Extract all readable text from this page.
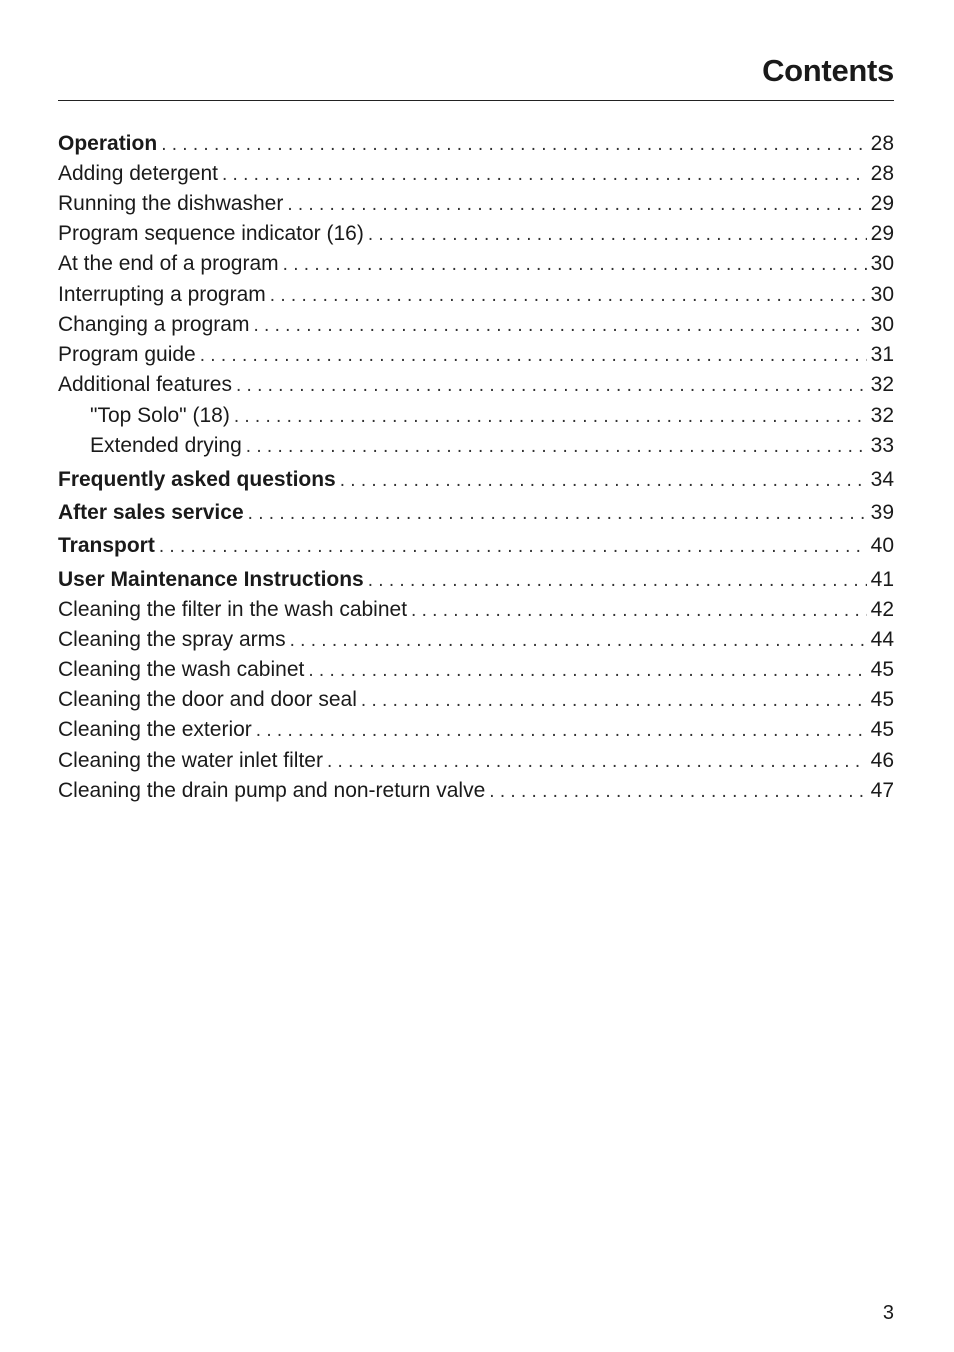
Contents
Operation . . .	28
Adding detergent . . .	28
Running the dishwasher . . .	29
Program sequence indicator (16) . . .	29
At the end of a program . . .	30
Interrupting a program . . .	30
Changing a program . . .	30
Program guide . . .	31
Additional features . . .	32
"Top Solo" (18) . . .	32
Extended drying . . .	33
Frequently asked questions . . .	34
After sales service . . .	39
Transport . . .	40
User Maintenance Instructions . . .	41
Cleaning the filter in the wash cabinet . . .	42
Cleaning the spray arms . . .	44
Cleaning the wash cabinet . . .	45
Cleaning the door and door seal . . .	45
Cleaning the exterior . . .	45
Cleaning the water inlet filter . . .	46
Cleaning the drain pump and non-return valve . . .	47
3
